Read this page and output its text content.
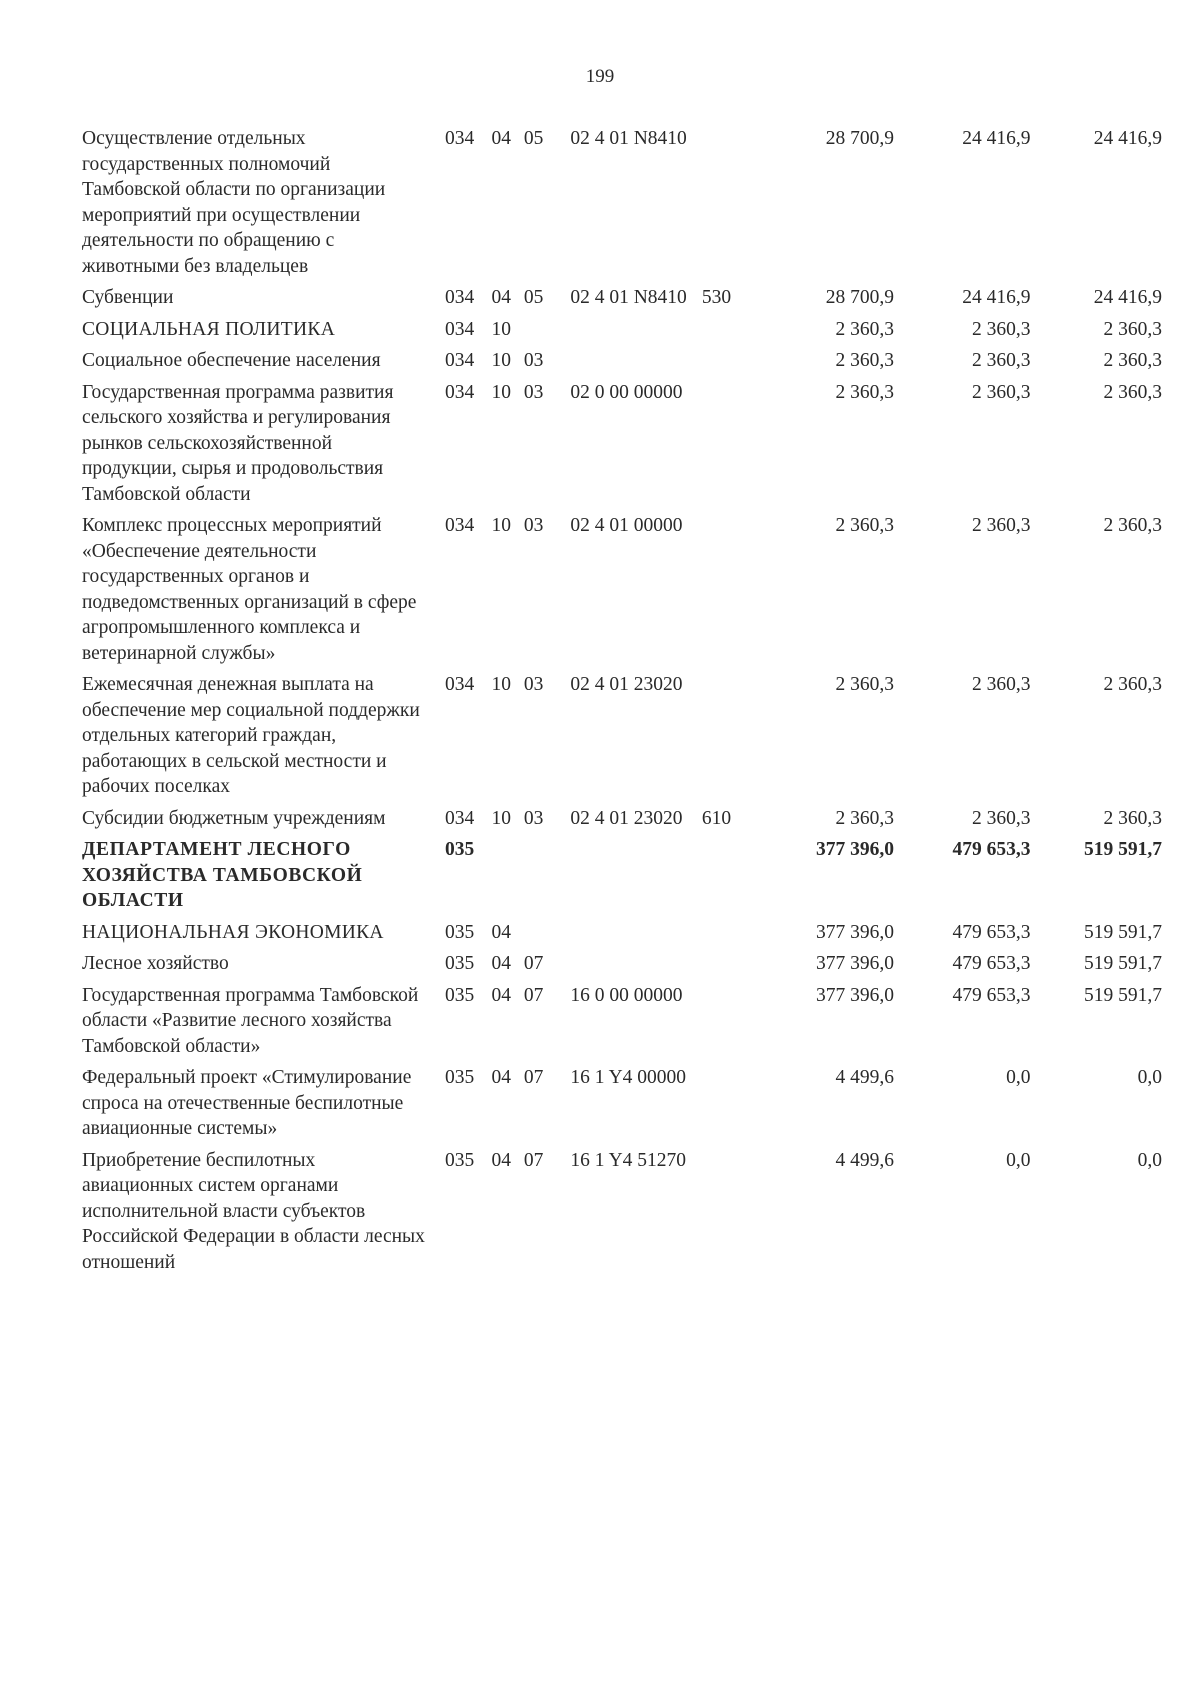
199
Осуществление отдельных государственных полномочий Тамбовской области по организации мероприятий при осуществлении деятельности по обращению с животными без владельцев	034	04	05	02 4 01 N8410		28 700,9	24 416,9	24 416,9
Субвенции	034	04	05	02 4 01 N8410	530	28 700,9	24 416,9	24 416,9
СОЦИАЛЬНАЯ ПОЛИТИКА	034	10				2 360,3	2 360,3	2 360,3
Социальное обеспечение населения	034	10	03			2 360,3	2 360,3	2 360,3
Государственная программа развития сельского хозяйства и регулирования рынков сельскохозяйственной продукции, сырья и продовольствия Тамбовской области	034	10	03	02 0 00 00000		2 360,3	2 360,3	2 360,3
Комплекс процессных мероприятий «Обеспечение деятельности государственных органов и подведомственных организаций в сфере агропромышленного комплекса и ветеринарной службы»	034	10	03	02 4 01 00000		2 360,3	2 360,3	2 360,3
Ежемесячная денежная выплата на обеспечение мер социальной поддержки отдельных категорий граждан, работающих в сельской местности и рабочих поселках	034	10	03	02 4 01 23020		2 360,3	2 360,3	2 360,3
Субсидии бюджетным учреждениям	034	10	03	02 4 01 23020	610	2 360,3	2 360,3	2 360,3
ДЕПАРТАМЕНТ ЛЕСНОГО ХОЗЯЙСТВА ТАМБОВСКОЙ ОБЛАСТИ	035					377 396,0	479 653,3	519 591,7
НАЦИОНАЛЬНАЯ ЭКОНОМИКА	035	04				377 396,0	479 653,3	519 591,7
Лесное хозяйство	035	04	07			377 396,0	479 653,3	519 591,7
Государственная программа Тамбовской области «Развитие лесного хозяйства Тамбовской области»	035	04	07	16 0 00 00000		377 396,0	479 653,3	519 591,7
Федеральный проект «Стимулирование спроса на отечественные беспилотные авиационные системы»	035	04	07	16 1 Y4 00000		4 499,6	0,0	0,0
Приобретение беспилотных авиационных систем органами исполнительной власти субъектов Российской Федерации в области лесных отношений	035	04	07	16 1 Y4 51270		4 499,6	0,0	0,0
